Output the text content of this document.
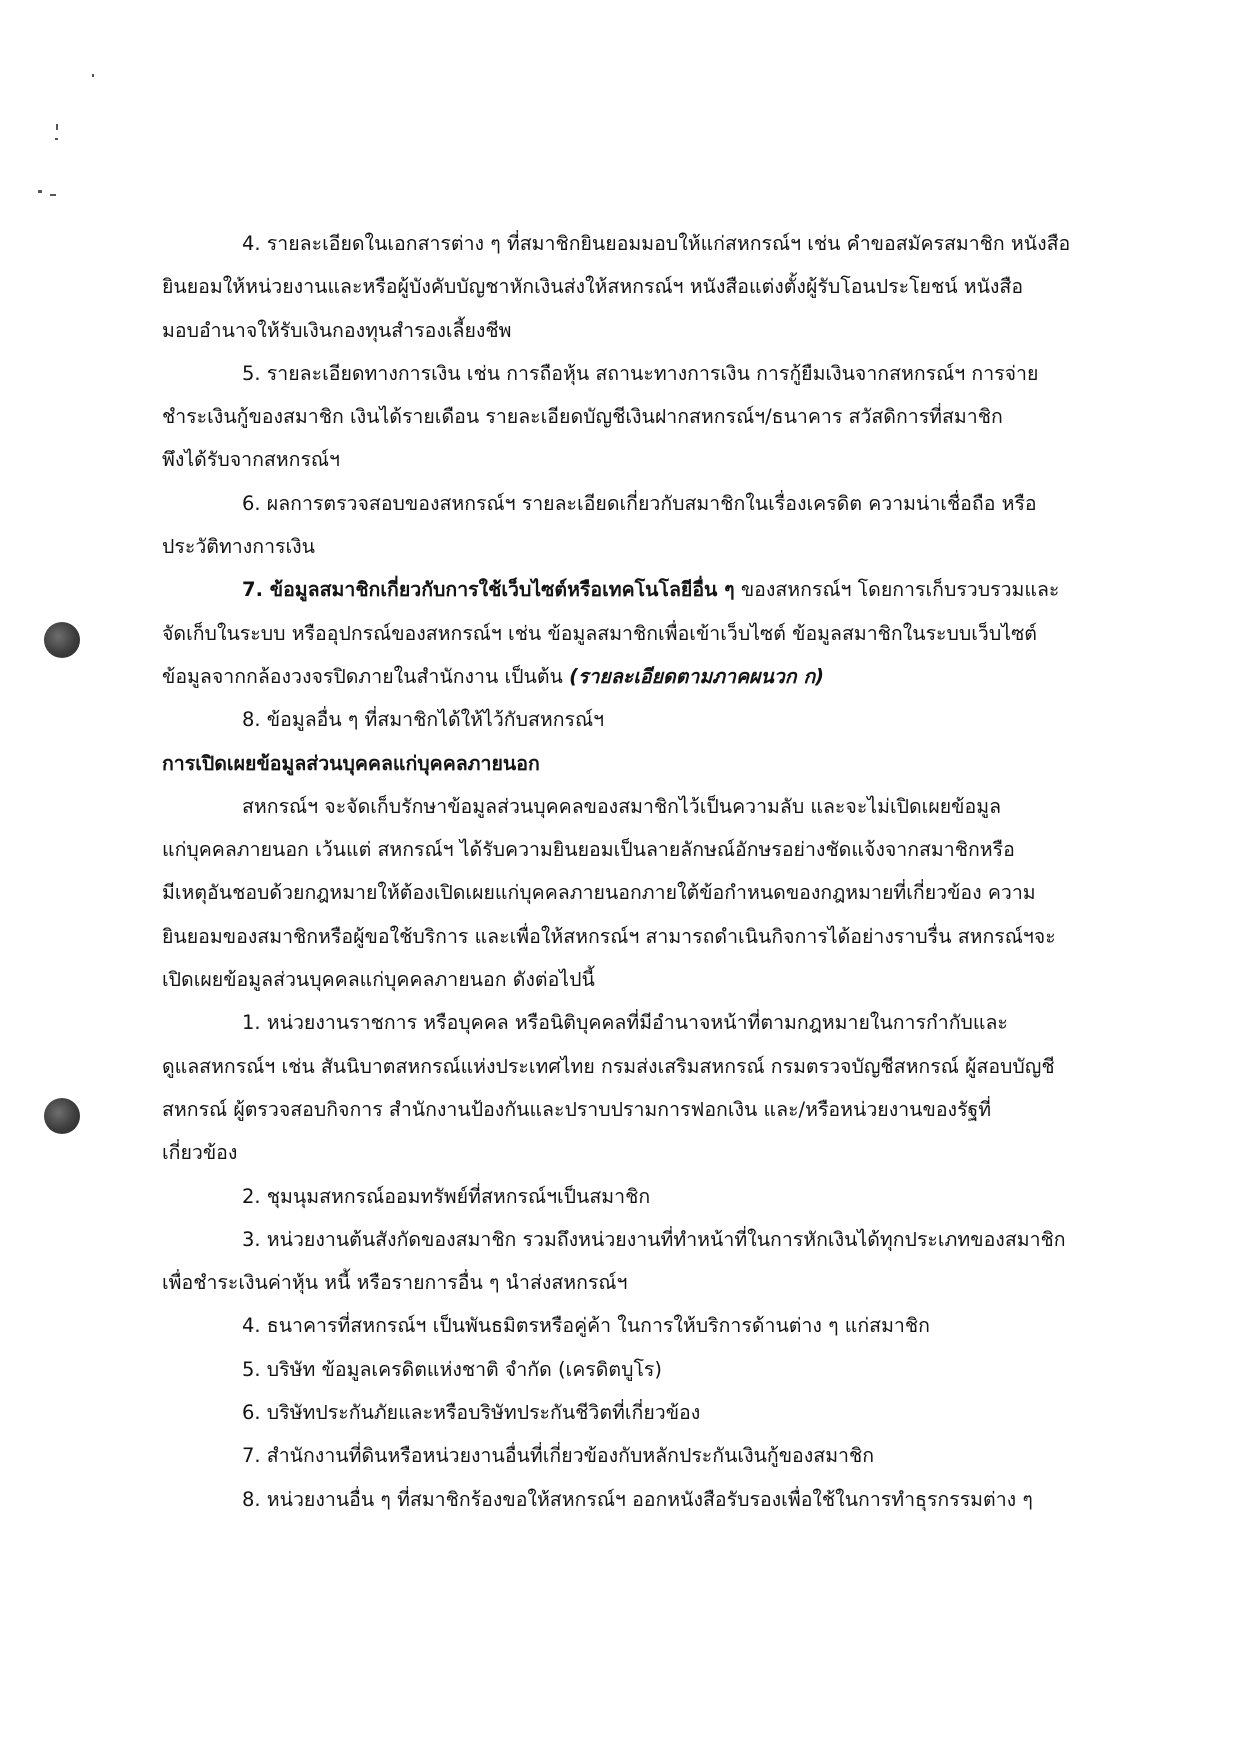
4. รายละเอียดในเอกสารต่าง ๆ ที่สมาชิกยินยอมมอบให้แก่สหกรณ์ฯ เช่น คำขอสมัครสมาชิก หนังสือ
ยินยอมให้หน่วยงานและหรือผู้บังคับบัญชาหักเงินส่งให้สหกรณ์ฯ หนังสือแต่งตั้งผู้รับโอนประโยชน์ หนังสือ
มอบอำนาจให้รับเงินกองทุนสำรองเลี้ยงชีพ
5. รายละเอียดทางการเงิน เช่น การถือหุ้น สถานะทางการเงิน การกู้ยืมเงินจากสหกรณ์ฯ การจ่าย
ชำระเงินกู้ของสมาชิก เงินได้รายเดือน รายละเอียดบัญชีเงินฝากสหกรณ์ฯ/ธนาคาร สวัสดิการที่สมาชิก
พึงได้รับจากสหกรณ์ฯ
6. ผลการตรวจสอบของสหกรณ์ฯ รายละเอียดเกี่ยวกับสมาชิกในเรื่องเครดิต ความน่าเชื่อถือ หรือ
ประวัติทางการเงิน
7. ข้อมูลสมาชิกเกี่ยวกับการใช้เว็บไซต์หรือเทคโนโลยีอื่น ๆ ของสหกรณ์ฯ โดยการเก็บรวบรวมและ
จัดเก็บในระบบ หรืออุปกรณ์ของสหกรณ์ฯ เช่น ข้อมูลสมาชิกเพื่อเข้าเว็บไซต์ ข้อมูลสมาชิกในระบบเว็บไซต์
ข้อมูลจากกล้องวงจรปิดภายในสำนักงาน เป็นต้น (รายละเอียดตามภาคผนวก ก)
8. ข้อมูลอื่น ๆ ที่สมาชิกได้ให้ไว้กับสหกรณ์ฯ
การเปิดเผยข้อมูลส่วนบุคคลแก่บุคคลภายนอก
สหกรณ์ฯ จะจัดเก็บรักษาข้อมูลส่วนบุคคลของสมาชิกไว้เป็นความลับ และจะไม่เปิดเผยข้อมูล
แก่บุคคลภายนอก เว้นแต่ สหกรณ์ฯ ได้รับความยินยอมเป็นลายลักษณ์อักษรอย่างชัดแจ้งจากสมาชิกหรือ
มีเหตุอันชอบด้วยกฎหมายให้ต้องเปิดเผยแก่บุคคลภายนอกภายใต้ข้อกำหนดของกฎหมายที่เกี่ยวข้อง ความ
ยินยอมของสมาชิกหรือผู้ขอใช้บริการ และเพื่อให้สหกรณ์ฯ สามารถดำเนินกิจการได้อย่างราบรื่น สหกรณ์ฯจะ
เปิดเผยข้อมูลส่วนบุคคลแก่บุคคลภายนอก ดังต่อไปนี้
1. หน่วยงานราชการ หรือบุคคล หรือนิติบุคคลที่มีอำนาจหน้าที่ตามกฎหมายในการกำกับและ
ดูแลสหกรณ์ฯ เช่น สันนิบาตสหกรณ์แห่งประเทศไทย กรมส่งเสริมสหกรณ์ กรมตรวจบัญชีสหกรณ์ ผู้สอบบัญชี
สหกรณ์ ผู้ตรวจสอบกิจการ สำนักงานป้องกันและปราบปรามการฟอกเงิน และ/หรือหน่วยงานของรัฐที่
เกี่ยวข้อง
2. ชุมนุมสหกรณ์ออมทรัพย์ที่สหกรณ์ฯเป็นสมาชิก
3. หน่วยงานต้นสังกัดของสมาชิก รวมถึงหน่วยงานที่ทำหน้าที่ในการหักเงินได้ทุกประเภทของสมาชิก
เพื่อชำระเงินค่าหุ้น หนี้ หรือรายการอื่น ๆ นำส่งสหกรณ์ฯ
4. ธนาคารที่สหกรณ์ฯ เป็นพันธมิตรหรือคู่ค้า ในการให้บริการด้านต่าง ๆ แก่สมาชิก
5. บริษัท ข้อมูลเครดิตแห่งชาติ จำกัด (เครดิตบูโร)
6. บริษัทประกันภัยและหรือบริษัทประกันชีวิตที่เกี่ยวข้อง
7. สำนักงานที่ดินหรือหน่วยงานอื่นที่เกี่ยวข้องกับหลักประกันเงินกู้ของสมาชิก
8. หน่วยงานอื่น ๆ ที่สมาชิกร้องขอให้สหกรณ์ฯ ออกหนังสือรับรองเพื่อใช้ในการทำธุรกรรมต่าง ๆ
